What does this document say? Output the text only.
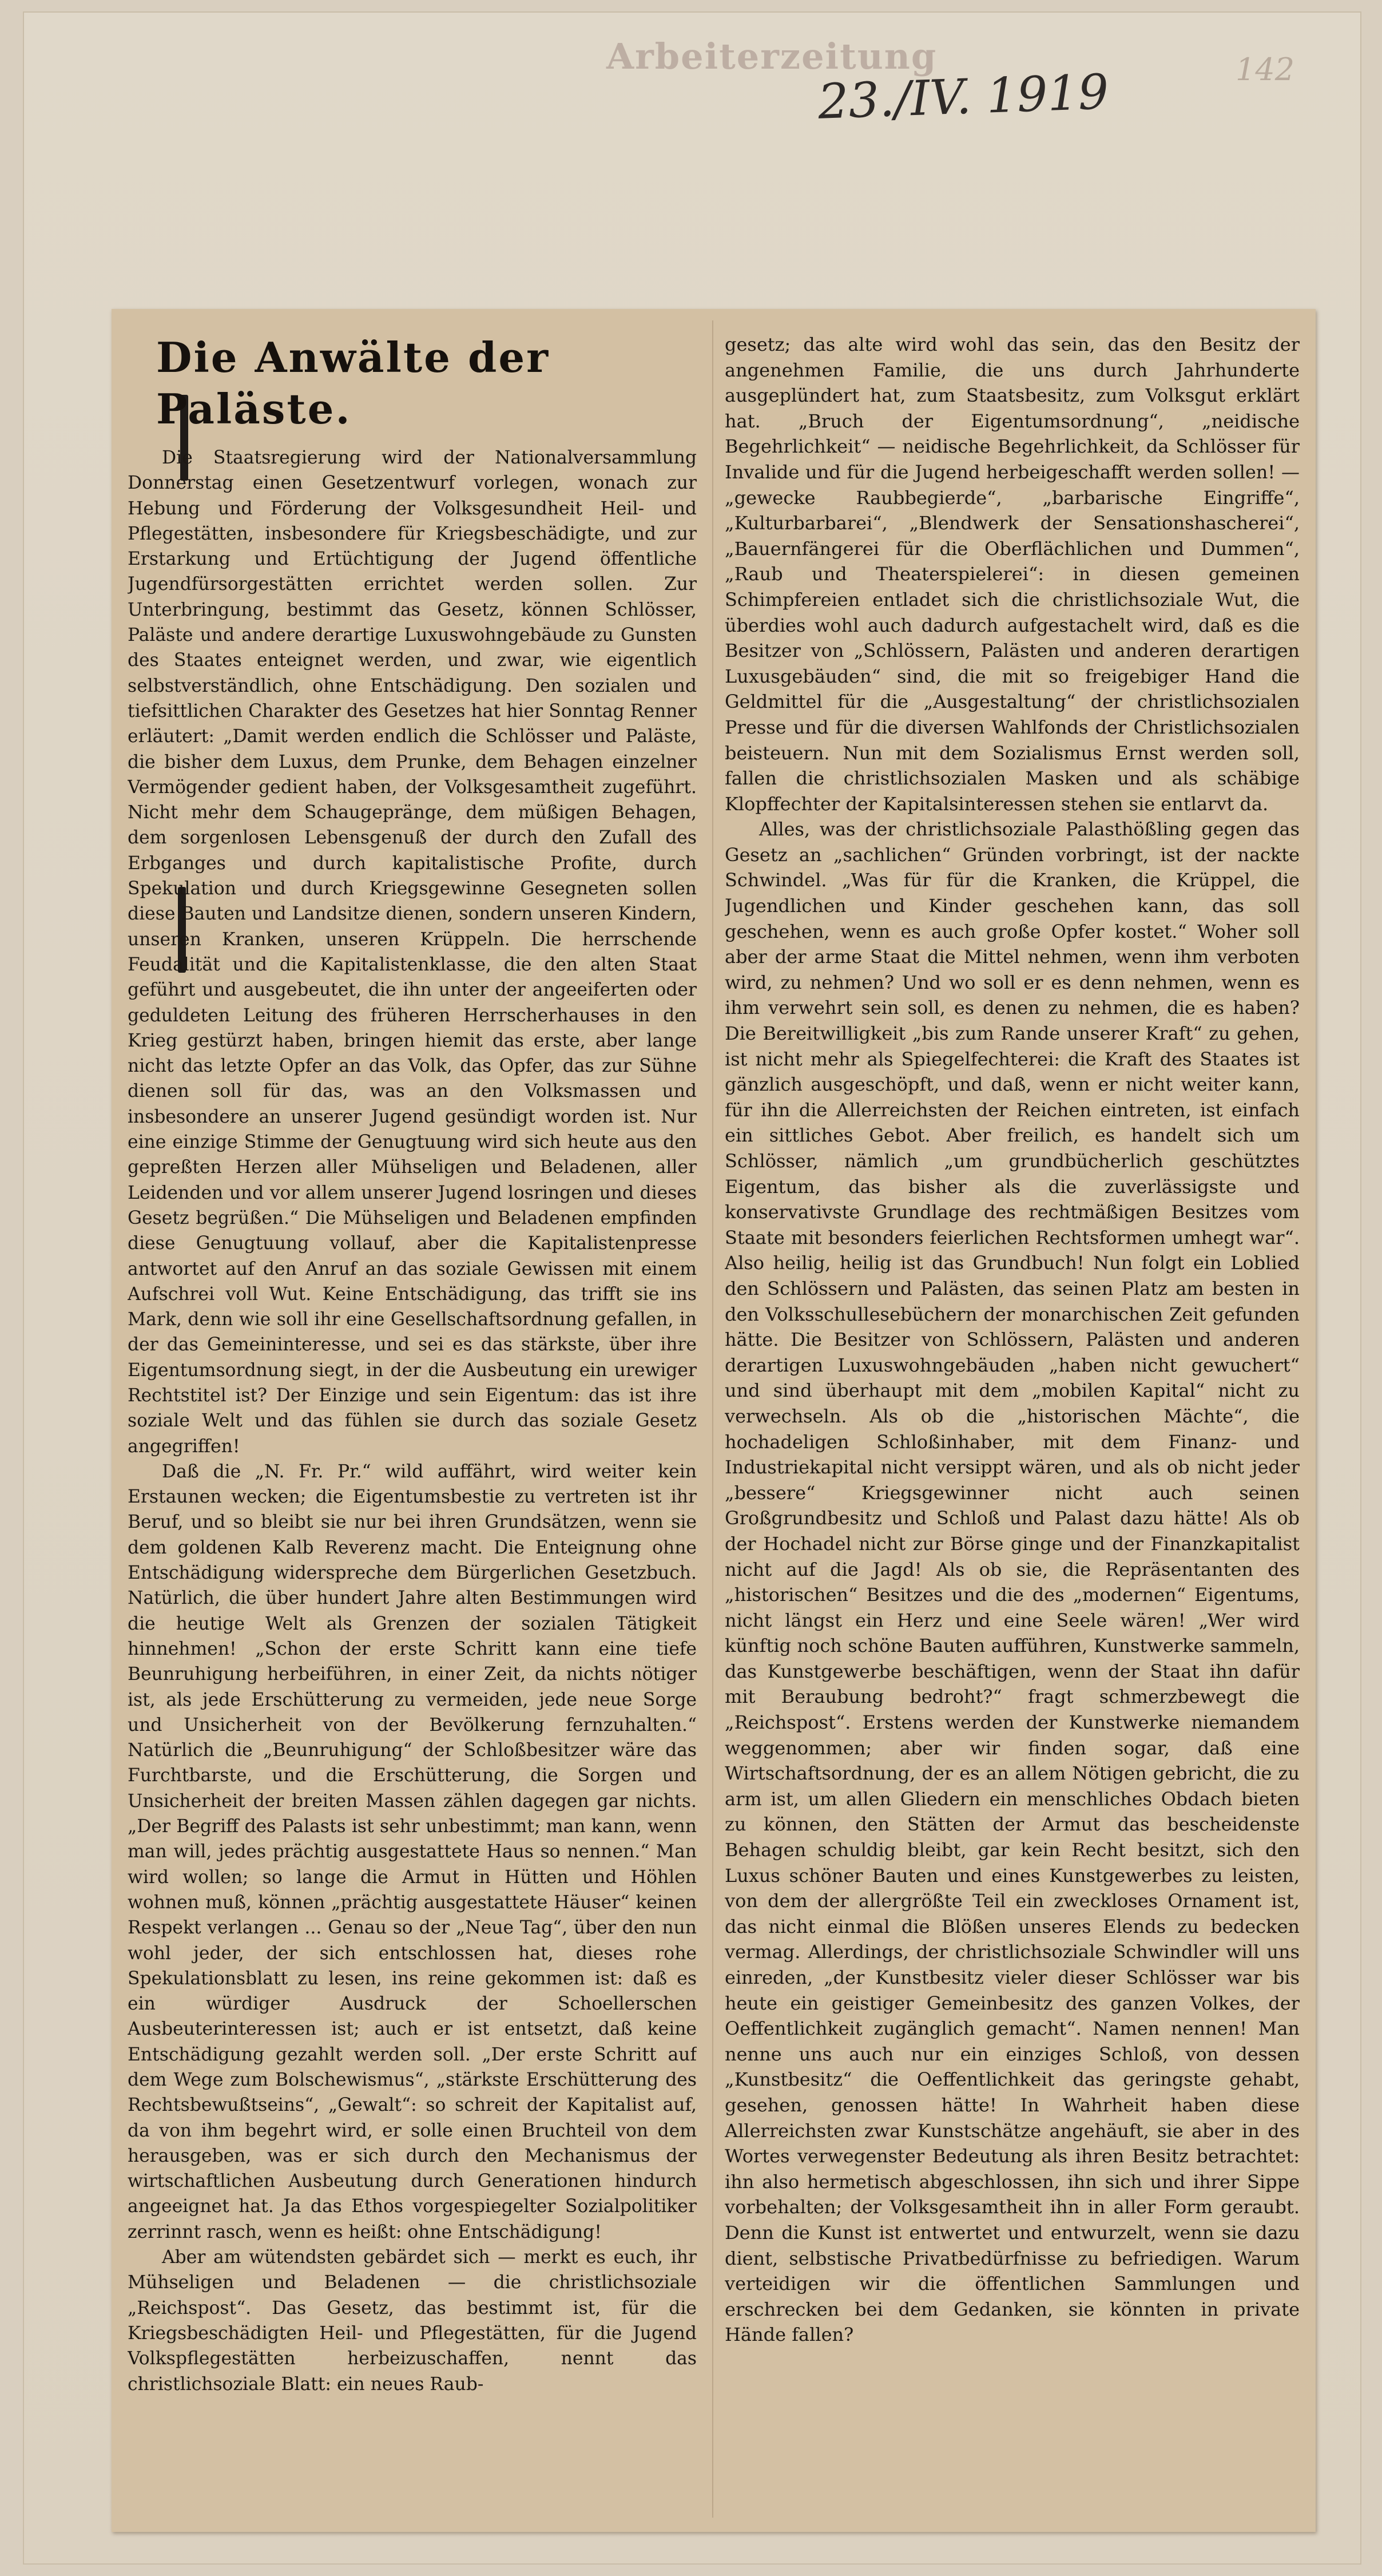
Arbeiterzeitung
23./IV. 1919	142
Die Anwälte der Paläste.

Die Staatsregierung wird der Nationalversammlung Donnerstag einen Gesetzentwurf vorlegen, wonach zur Hebung und Förderung der Volksgesundheit Heil- und Pflegestätten, insbesondere für Kriegsbeschädigte, und zur Erstarkung und Ertüchtigung der Jugend öffentliche Jugendfürsorgestätten errichtet werden sollen. Zur Unterbringung, bestimmt das Gesetz, können Schlösser, Paläste und andere derartige Luxuswohngebäude zu Gunsten des Staates enteignet werden, und zwar, wie eigentlich selbstverständlich, ohne Entschädigung. Den sozialen und tiefsittlichen Charakter des Gesetzes hat hier Sonntag Renner erläutert: „Damit werden endlich die Schlösser und Paläste, die bisher dem Luxus, dem Prunke, dem Behagen einzelner Vermögender gedient haben, der Volksgesamtheit zugeführt. Nicht mehr dem Schaugepränge, dem müßigen Behagen, dem sorgenlosen Lebensgenuß der durch den Zufall des Erbganges und durch kapitalistische Profite, durch Spekulation und durch Kriegsgewinne Gesegneten sollen diese Bauten und Landsitze dienen, sondern unseren Kindern, unseren Kranken, unseren Krüppeln. Die herrschende Feudalität und die Kapitalistenklasse, die den alten Staat geführt und ausgebeutet, die ihn unter der angeeiferten oder geduldeten Leitung des früheren Herrscherhauses in den Krieg gestürzt haben, bringen hiemit das erste, aber lange nicht das letzte Opfer an das Volk, das Opfer, das zur Sühne dienen soll für das, was an den Volksmassen und insbesondere an unserer Jugend gesündigt worden ist. Nur eine einzige Stimme der Genugtuung wird sich heute aus den gepreßten Herzen aller Mühseligen und Beladenen, aller Leidenden und vor allem unserer Jugend losringen und dieses Gesetz begrüßen.“ Die Mühseligen und Beladenen empfinden diese Genugtuung vollauf, aber die Kapitalistenpresse antwortet auf den Anruf an das soziale Gewissen mit einem Aufschrei voll Wut. Keine Entschädigung, das trifft sie ins Mark, denn wie soll ihr eine Gesellschaftsordnung gefallen, in der das Gemeininteresse, und sei es das stärkste, über ihre Eigentumsordnung siegt, in der die Ausbeutung ein urewiger Rechtstitel ist? Der Einzige und sein Eigentum: das ist ihre soziale Welt und das fühlen sie durch das soziale Gesetz angegriffen!

Daß die „N. Fr. Pr.“ wild auffährt, wird weiter kein Erstaunen wecken; die Eigentumsbestie zu vertreten ist ihr Beruf, und so bleibt sie nur bei ihren Grundsätzen, wenn sie dem goldenen Kalb Reverenz macht. Die Enteignung ohne Entschädigung widerspreche dem Bürgerlichen Gesetzbuch. Natürlich, die über hundert Jahre alten Bestimmungen wird die heutige Welt als Grenzen der sozialen Tätigkeit hinnehmen! „Schon der erste Schritt kann eine tiefe Beunruhigung herbeiführen, in einer Zeit, da nichts nötiger ist, als jede Erschütterung zu vermeiden, jede neue Sorge und Unsicherheit von der Bevölkerung fernzuhalten.“ Natürlich die „Beunruhigung“ der Schloßbesitzer wäre das Furchtbarste, und die Erschütterung, die Sorgen und Unsicherheit der breiten Massen zählen dagegen gar nichts. „Der Begriff des Palasts ist sehr unbestimmt; man kann, wenn man will, jedes prächtig ausgestattete Haus so nennen.“ Man wird wollen; so lange die Armut in Hütten und Höhlen wohnen muß, können „prächtig ausgestattete Häuser“ keinen Respekt verlangen ... Genau so der „Neue Tag“, über den nun wohl jeder, der sich entschlossen hat, dieses rohe Spekulationsblatt zu lesen, ins reine gekommen ist: daß es ein würdiger Ausdruck der Schoellerschen Ausbeuterinteressen ist; auch er ist entsetzt, daß keine Entschädigung gezahlt werden soll. „Der erste Schritt auf dem Wege zum Bolschewismus“, „stärkste Erschütterung des Rechtsbewußtseins“, „Gewalt“: so schreit der Kapitalist auf, da von ihm begehrt wird, er solle einen Bruchteil von dem herausgeben, was er sich durch den Mechanismus der wirtschaftlichen Ausbeutung durch Generationen hindurch angeeignet hat. Ja das Ethos vorgespiegelter Sozialpolitiker zerrinnt rasch, wenn es heißt: ohne Entschädigung!

Aber am wütendsten gebärdet sich — merkt es euch, ihr Mühseligen und Beladenen — die christlichsoziale „Reichspost“. Das Gesetz, das bestimmt ist, für die Kriegsbeschädigten Heil- und Pflegestätten, für die Jugend Volkspflegestätten herbeizuschaffen, nennt das christlichsoziale Blatt: ein neues Raub-

gesetz; das alte wird wohl das sein, das den Besitz der angenehmen Familie, die uns durch Jahrhunderte ausgeplündert hat, zum Staatsbesitz, zum Volksgut erklärt hat. „Bruch der Eigentumsordnung“, „neidische Begehrlichkeit“ — neidische Begehrlichkeit, da Schlösser für Invalide und für die Jugend herbeigeschafft werden sollen! — „gewecke Raubbegierde“, „barbarische Eingriffe“, „Kulturbarbarei“, „Blendwerk der Sensationshascherei“, „Bauernfängerei für die Oberflächlichen und Dummen“, „Raub und Theaterspielerei“: in diesen gemeinen Schimpfereien entladet sich die christlichsoziale Wut, die überdies wohl auch dadurch aufgestachelt wird, daß es die Besitzer von „Schlössern, Palästen und anderen derartigen Luxusgebäuden“ sind, die mit so freigebiger Hand die Geldmittel für die „Ausgestaltung“ der christlichsozialen Presse und für die diversen Wahlfonds der Christlichsozialen beisteuern. Nun mit dem Sozialismus Ernst werden soll, fallen die christlichsozialen Masken und als schäbige Klopffechter der Kapitalsinteressen stehen sie entlarvt da.

Alles, was der christlichsoziale Palasthößling gegen das Gesetz an „sachlichen“ Gründen vorbringt, ist der nackte Schwindel. „Was für für die Kranken, die Krüppel, die Jugendlichen und Kinder geschehen kann, das soll geschehen, wenn es auch große Opfer kostet.“ Woher soll aber der arme Staat die Mittel nehmen, wenn ihm verboten wird, zu nehmen? Und wo soll er es denn nehmen, wenn es ihm verwehrt sein soll, es denen zu nehmen, die es haben? Die Bereitwilligkeit „bis zum Rande unserer Kraft“ zu gehen, ist nicht mehr als Spiegelfechterei: die Kraft des Staates ist gänzlich ausgeschöpft, und daß, wenn er nicht weiter kann, für ihn die Allerreichsten der Reichen eintreten, ist einfach ein sittliches Gebot. Aber freilich, es handelt sich um Schlösser, nämlich „um grundbücherlich geschütztes Eigentum, das bisher als die zuverlässigste und konservativste Grundlage des rechtmäßigen Besitzes vom Staate mit besonders feierlichen Rechtsformen umhegt war“. Also heilig, heilig ist das Grundbuch! Nun folgt ein Loblied den Schlössern und Palästen, das seinen Platz am besten in den Volksschullesebüchern der monarchischen Zeit gefunden hätte. Die Besitzer von Schlössern, Palästen und anderen derartigen Luxuswohngebäuden „haben nicht gewuchert“ und sind überhaupt mit dem „mobilen Kapital“ nicht zu verwechseln. Als ob die „historischen Mächte“, die hochadeligen Schloßinhaber, mit dem Finanz- und Industriekapital nicht versippt wären, und als ob nicht jeder „bessere“ Kriegsgewinner nicht auch seinen Großgrundbesitz und Schloß und Palast dazu hätte! Als ob der Hochadel nicht zur Börse ginge und der Finanzkapitalist nicht auf die Jagd! Als ob sie, die Repräsentanten des „historischen“ Besitzes und die des „modernen“ Eigentums, nicht längst ein Herz und eine Seele wären! „Wer wird künftig noch schöne Bauten aufführen, Kunstwerke sammeln, das Kunstgewerbe beschäftigen, wenn der Staat ihn dafür mit Beraubung bedroht?“ fragt schmerzbewegt die „Reichspost“. Erstens werden der Kunstwerke niemandem weggenommen; aber wir finden sogar, daß eine Wirtschaftsordnung, der es an allem Nötigen gebricht, die zu arm ist, um allen Gliedern ein menschliches Obdach bieten zu können, den Stätten der Armut das bescheidenste Behagen schuldig bleibt, gar kein Recht besitzt, sich den Luxus schöner Bauten und eines Kunstgewerbes zu leisten, von dem der allergrößte Teil ein zweckloses Ornament ist, das nicht einmal die Blößen unseres Elends zu bedecken vermag. Allerdings, der christlichsoziale Schwindler will uns einreden, „der Kunstbesitz vieler dieser Schlösser war bis heute ein geistiger Gemeinbesitz des ganzen Volkes, der Oeffentlichkeit zugänglich gemacht“. Namen nennen! Man nenne uns auch nur ein einziges Schloß, von dessen „Kunstbesitz“ die Oeffentlichkeit das geringste gehabt, gesehen, genossen hätte! In Wahrheit haben diese Allerreichsten zwar Kunstschätze angehäuft, sie aber in des Wortes verwegenster Bedeutung als ihren Besitz betrachtet: ihn also hermetisch abgeschlossen, ihn sich und ihrer Sippe vorbehalten; der Volksgesamtheit ihn in aller Form geraubt. Denn die Kunst ist entwertet und entwurzelt, wenn sie dazu dient, selbstische Privatbedürfnisse zu befriedigen. Warum verteidigen wir die öffentlichen Sammlungen und erschrecken bei dem Gedanken, sie könnten in private Hände fallen?
